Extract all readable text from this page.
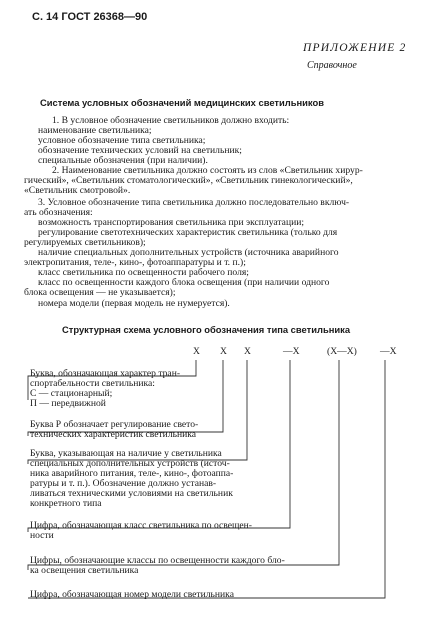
С. 14 ГОСТ 26368—90
ПРИЛОЖЕНИЕ 2
Справочное
Система условных обозначений медицинских светильников
1. В условное обозначение светильников должно входить:
наименование светильника;
условное обозначение типа светильника;
обозначение технических условий на светильник;
специальные обозначения (при наличии).
2. Наименование светильника должно состоять из слов «Светильник хирур-
гический», «Светильник стоматологический», «Светильник гинекологический»,
«Светильник смотровой».
3. Условное обозначение типа светильника должно последовательно включ-
ать обозначения:
возможность транспортирования светильника при эксплуатации;
регулирование светотехнических характеристик светильника (только для
регулируемых светильников);
наличие специальных дополнительных устройств (источника аварийного
электропитания, теле-, кино-, фотоаппаратуры и т. п.);
класс светильника по освещенности рабочего поля;
класс по освещенности каждого блока освещения (при наличии одного
блока освещения — не указывается);
номера модели (первая модель не нумеруется).
Структурная схема условного обозначения типа светильника
X X X	—X	(X—X) —X
Буква, обозначающая характер тран-
спортабельности светильника:
С — стационарный;
П — передвижной
Буква Р обозначает регулирование свето-
технических характеристик светильника
Буква, указывающая на наличие у светильника
специальных дополнительных устройств (источ-
ника аварийного питания, теле-, кино-, фотоаппа-
ратуры и т. п.). Обозначение должно устанав-
ливаться техническими условиями на светильник
конкретного типа
Цифра, обозначающая класс светильника по освещен-
ности
Цифры, обозначающие классы по освещенности каждого бло-
ка освещения светильника
Цифра, обозначающая номер модели светильника
